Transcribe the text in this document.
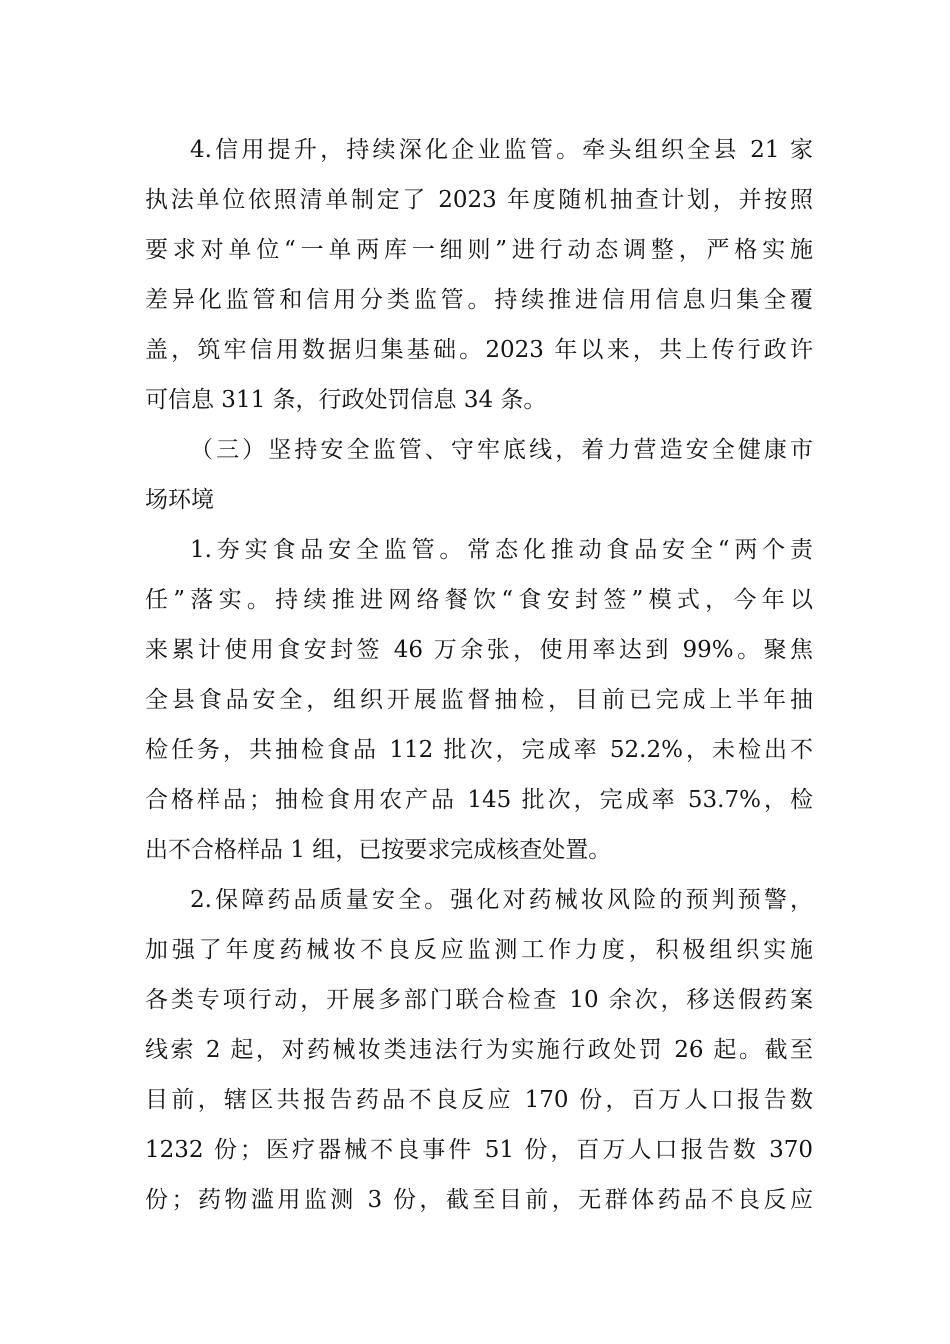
4.信用提升，持续深化企业监管。牵头组织全县 21 家
执法单位依照清单制定了 2023 年度随机抽查计划，并按照
要求对单位“一单两库一细则”进行动态调整，严格实施
差异化监管和信用分类监管。持续推进信用信息归集全覆
盖，筑牢信用数据归集基础。2023 年以来，共上传行政许
可信息 311 条，行政处罚信息 34 条。
（三）坚持安全监管、守牢底线，着力营造安全健康市
场环境
1.夯实食品安全监管。常态化推动食品安全“两个责
任”落实。持续推进网络餐饮“食安封签”模式，今年以
来累计使用食安封签 46 万余张，使用率达到 99%。聚焦
全县食品安全，组织开展监督抽检，目前已完成上半年抽
检任务，共抽检食品 112 批次，完成率 52.2%，未检出不
合格样品；抽检食用农产品 145 批次，完成率 53.7%，检
出不合格样品 1 组，已按要求完成核查处置。
2.保障药品质量安全。强化对药械妆风险的预判预警，
加强了年度药械妆不良反应监测工作力度，积极组织实施
各类专项行动，开展多部门联合检查 10 余次，移送假药案
线索 2 起，对药械妆类违法行为实施行政处罚 26 起。截至
目前，辖区共报告药品不良反应 170 份，百万人口报告数
1232 份；医疗器械不良事件 51 份，百万人口报告数 370
份；药物滥用监测 3 份，截至目前，无群体药品不良反应
